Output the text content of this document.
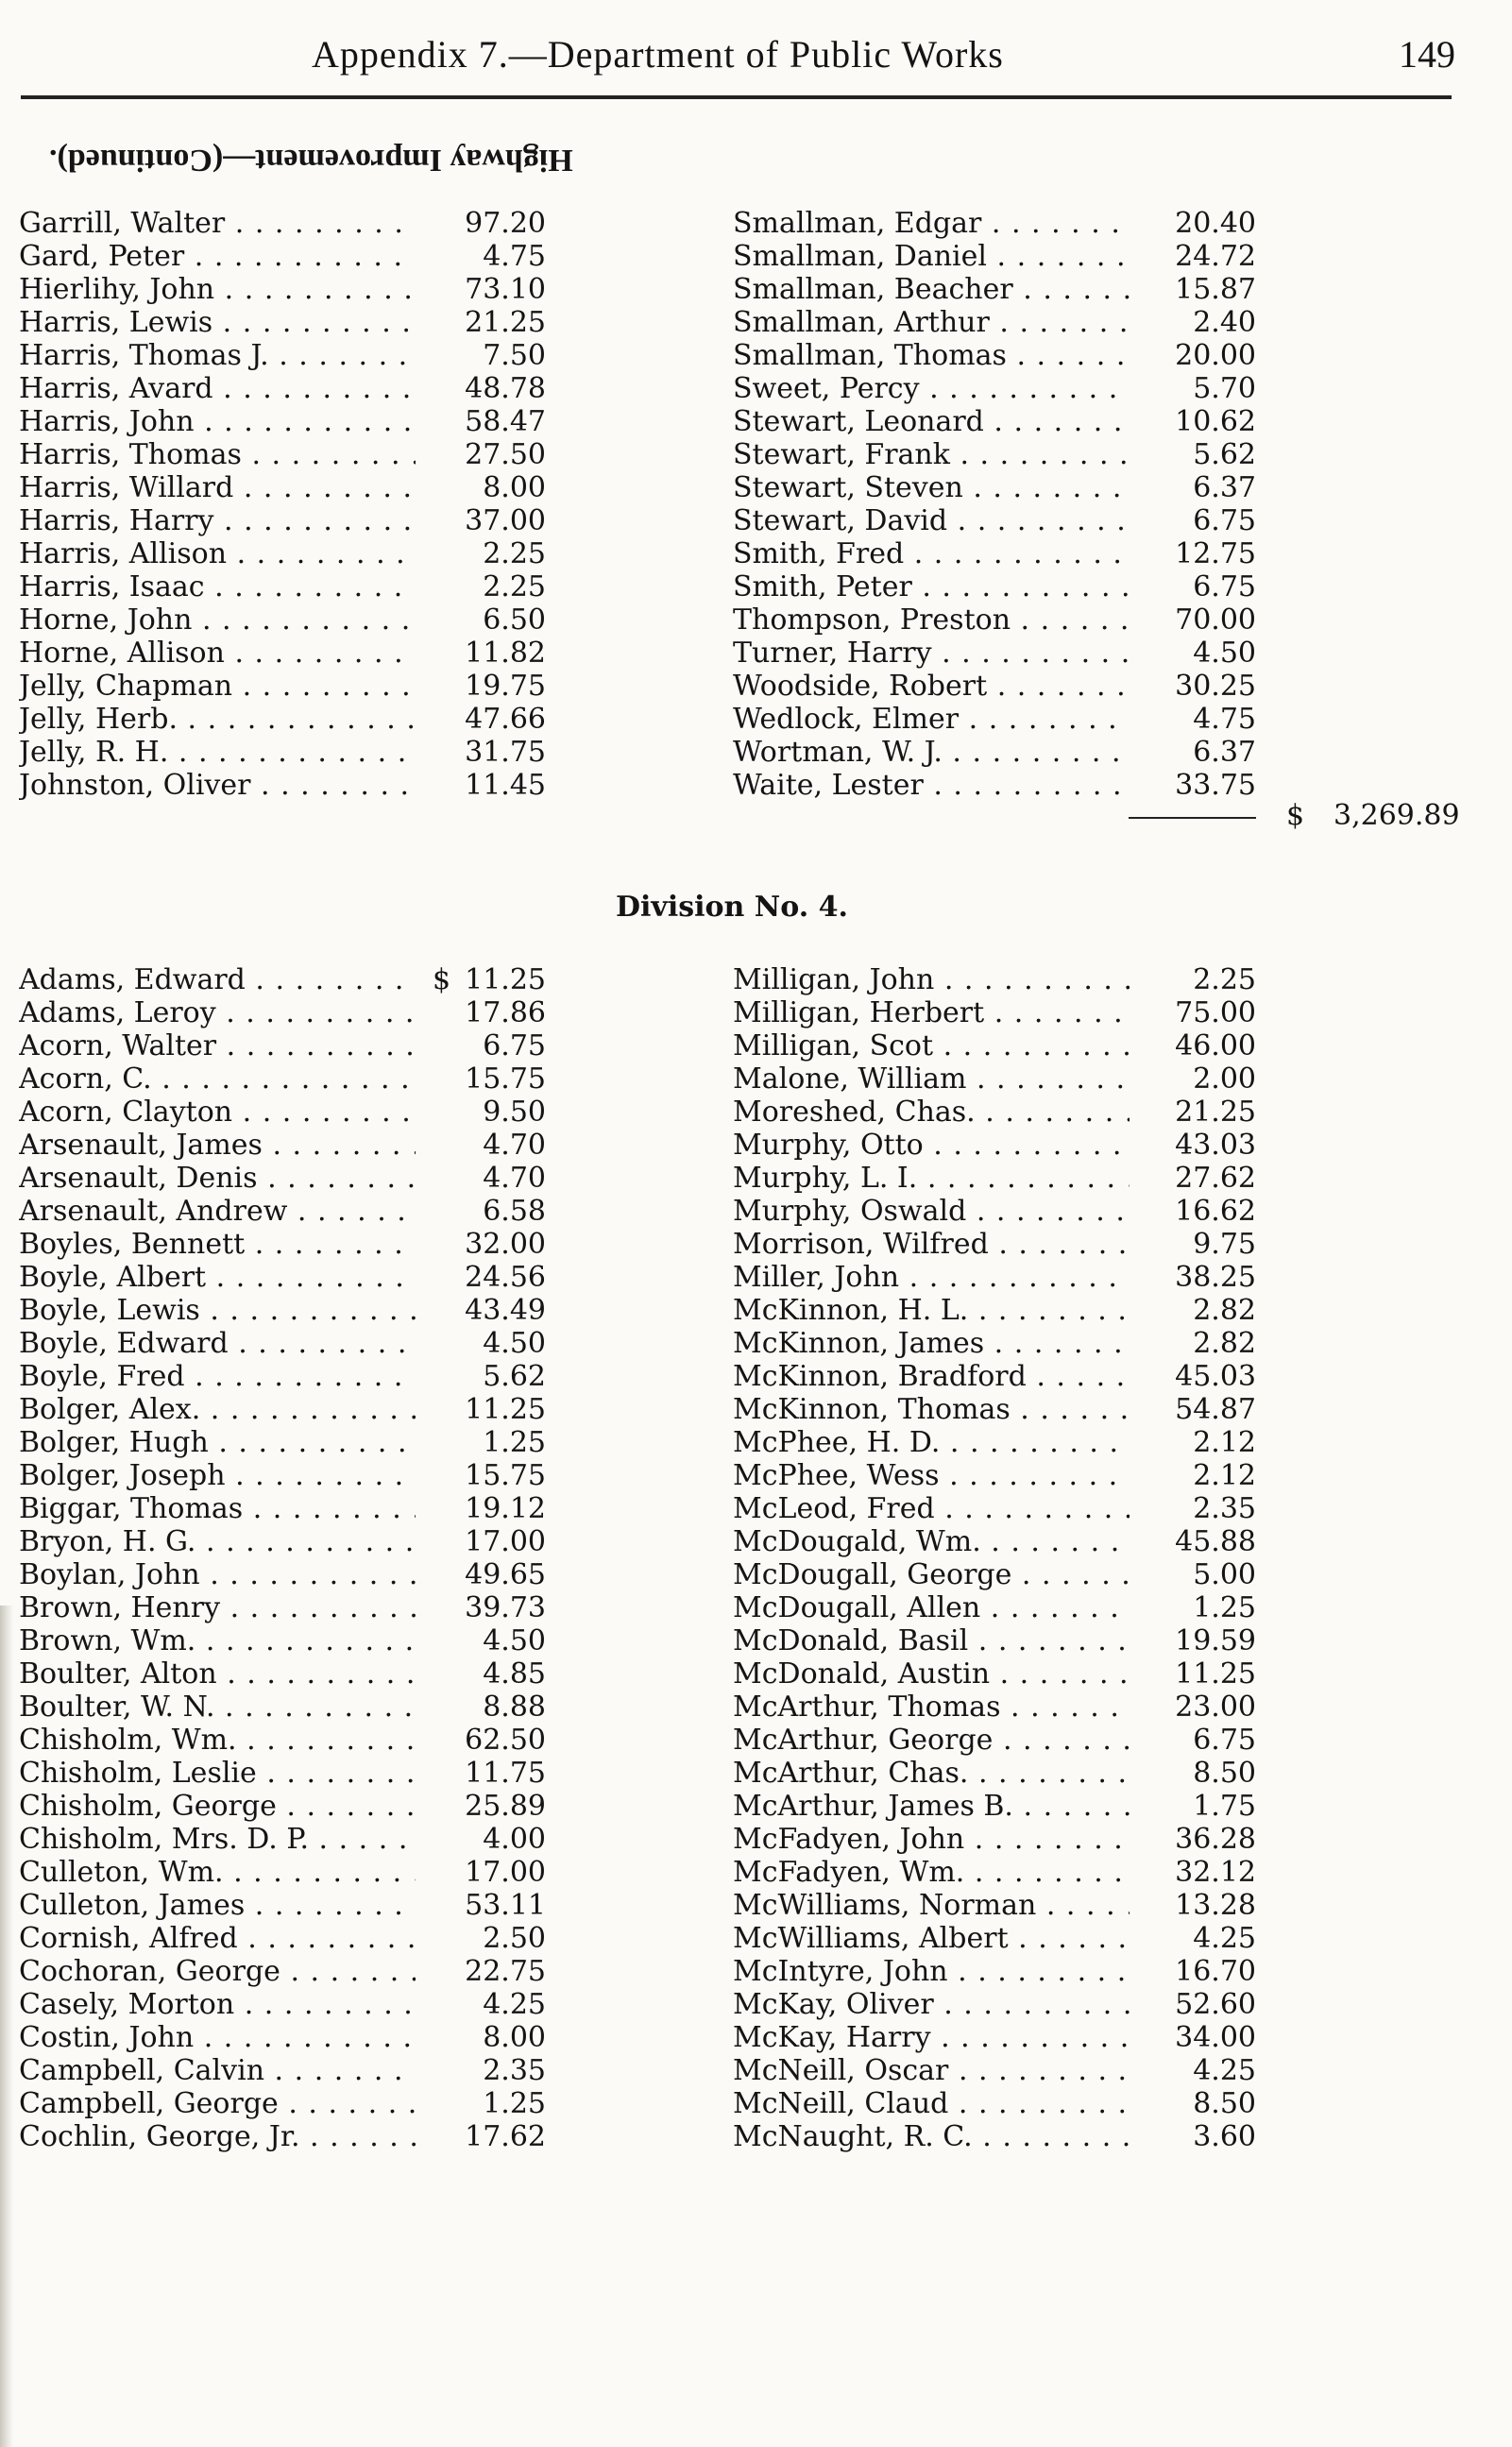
Appendix 7.—Department of Public Works	149
Highway Improvement—(Continued).
Garrill, Walter . . .	97.20
Gard, Peter . . .	4.75
Hierlihy, John . . .	73.10
Harris, Lewis . . .	21.25
Harris, Thomas J. . . .	7.50
Harris, Avard . . .	48.78
Harris, John . . .	58.47
Harris, Thomas . . .	27.50
Harris, Willard . . .	8.00
Harris, Harry . . .	37.00
Harris, Allison . . .	2.25
Harris, Isaac . . .	2.25
Horne, John . . .	6.50
Horne, Allison . . .	11.82
Jelly, Chapman . . .	19.75
Jelly, Herb. . . .	47.66
Jelly, R. H. . . .	31.75
Johnston, Oliver . . .	11.45
Smallman, Edgar . . .	20.40
Smallman, Daniel . . .	24.72
Smallman, Beacher . . .	15.87
Smallman, Arthur . . .	2.40
Smallman, Thomas . . .	20.00
Sweet, Percy . . .	5.70
Stewart, Leonard . . .	10.62
Stewart, Frank . . .	5.62
Stewart, Steven . . .	6.37
Stewart, David . . .	6.75
Smith, Fred . . .	12.75
Smith, Peter . . .	6.75
Thompson, Preston . . .	70.00
Turner, Harry . . .	4.50
Woodside, Robert . . .	30.25
Wedlock, Elmer . . .	4.75
Wortman, W. J. . . .	6.37
Waite, Lester . . .	33.75
$ 3,269.89
Division No. 4.
Adams, Edward . . .	$ 11.25
Adams, Leroy . . .	17.86
Acorn, Walter . . .	6.75
Acorn, C. . . .	15.75
Acorn, Clayton . . .	9.50
Arsenault, James . . .	4.70
Arsenault, Denis . . .	4.70
Arsenault, Andrew . . .	6.58
Boyles, Bennett . . .	32.00
Boyle, Albert . . .	24.56
Boyle, Lewis . . .	43.49
Boyle, Edward . . .	4.50
Boyle, Fred . . .	5.62
Bolger, Alex. . . .	11.25
Bolger, Hugh . . .	1.25
Bolger, Joseph . . .	15.75
Biggar, Thomas . . .	19.12
Bryon, H. G. . . .	17.00
Boylan, John . . .	49.65
Brown, Henry . . .	39.73
Brown, Wm. . . .	4.50
Boulter, Alton . . .	4.85
Boulter, W. N. . . .	8.88
Chisholm, Wm. . . .	62.50
Chisholm, Leslie . . .	11.75
Chisholm, George . . .	25.89
Chisholm, Mrs. D. P. . . .	4.00
Culleton, Wm. . . .	17.00
Culleton, James . . .	53.11
Cornish, Alfred . . .	2.50
Cochoran, George . . .	22.75
Casely, Morton . . .	4.25
Costin, John . . .	8.00
Campbell, Calvin . . .	2.35
Campbell, George . . .	1.25
Cochlin, George, Jr. . . .	17.62
Milligan, John . . .	2.25
Milligan, Herbert . . .	75.00
Milligan, Scot . . .	46.00
Malone, William . . .	2.00
Moreshed, Chas. . . .	21.25
Murphy, Otto . . .	43.03
Murphy, L. I. . . .	27.62
Murphy, Oswald . . .	16.62
Morrison, Wilfred . . .	9.75
Miller, John . . .	38.25
McKinnon, H. L. . . .	2.82
McKinnon, James . . .	2.82
McKinnon, Bradford . . .	45.03
McKinnon, Thomas . . .	54.87
McPhee, H. D. . . .	2.12
McPhee, Wess . . .	2.12
McLeod, Fred . . .	2.35
McDougald, Wm. . . .	45.88
McDougall, George . . .	5.00
McDougall, Allen . . .	1.25
McDonald, Basil . . .	19.59
McDonald, Austin . . .	11.25
McArthur, Thomas . . .	23.00
McArthur, George . . .	6.75
McArthur, Chas. . . .	8.50
McArthur, James B. . . .	1.75
McFadyen, John . . .	36.28
McFadyen, Wm. . . .	32.12
McWilliams, Norman . . .	13.28
McWilliams, Albert . . .	4.25
McIntyre, John . . .	16.70
McKay, Oliver . . .	52.60
McKay, Harry . . .	34.00
McNeill, Oscar . . .	4.25
McNeill, Claud . . .	8.50
McNaught, R. C. . . .	3.60
